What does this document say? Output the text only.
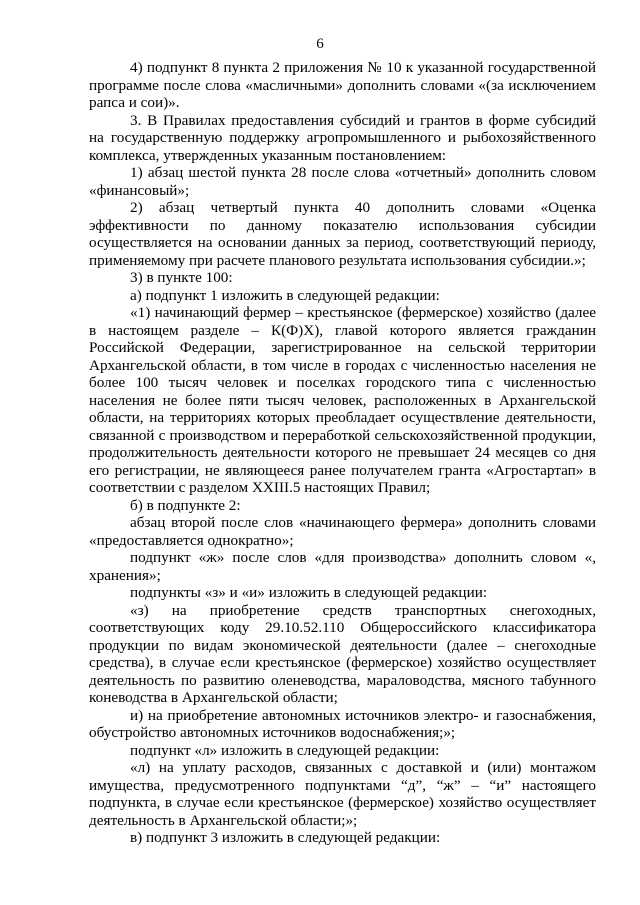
6

4) подпункт 8 пункта 2 приложения № 10 к указанной государственной программе после слова «масличными» дополнить словами «(за исключением рапса и сои)».

3. В Правилах предоставления субсидий и грантов в форме субсидий на государственную поддержку агропромышленного и рыбохозяйственного комплекса, утвержденных указанным постановлением:

1) абзац шестой пункта 28 после слова «отчетный» дополнить словом «финансовый»;

2) абзац четвертый пункта 40 дополнить словами «Оценка эффективности по данному показателю использования субсидии осуществляется на основании данных за период, соответствующий периоду, применяемому при расчете планового результата использования субсидии.»;

3) в пункте 100:

а) подпункт 1 изложить в следующей редакции:

«1) начинающий фермер – крестьянское (фермерское) хозяйство (далее в настоящем разделе – К(Ф)Х), главой которого является гражданин Российской Федерации, зарегистрированное на сельской территории Архангельской области, в том числе в городах с численностью населения не более 100 тысяч человек и поселках городского типа с численностью населения не более пяти тысяч человек, расположенных в Архангельской области, на территориях которых преобладает осуществление деятельности, связанной с производством и переработкой сельскохозяйственной продукции, продолжительность деятельности которого не превышает 24 месяцев со дня его регистрации, не являющееся ранее получателем гранта «Агростартап» в соответствии с разделом XXIII.5 настоящих Правил;

б) в подпункте 2:

абзац второй после слов «начинающего фермера» дополнить словами «предоставляется однократно»;

подпункт «ж» после слов «для производства» дополнить словом «, хранения»;

подпункты «з» и «и» изложить в следующей редакции:

«з) на приобретение средств транспортных снегоходных, соответствующих коду 29.10.52.110 Общероссийского классификатора продукции по видам экономической деятельности (далее – снегоходные средства), в случае если крестьянское (фермерское) хозяйство осуществляет деятельность по развитию оленеводства, мараловодства, мясного табунного коневодства в Архангельской области;

и) на приобретение автономных источников электро- и газоснабжения, обустройство автономных источников водоснабжения;»;

подпункт «л» изложить в следующей редакции:

«л) на уплату расходов, связанных с доставкой и (или) монтажом имущества, предусмотренного подпунктами “д”, “ж” – “и” настоящего подпункта, в случае если крестьянское (фермерское) хозяйство осуществляет деятельность в Архангельской области;»;

в) подпункт 3 изложить в следующей редакции:
